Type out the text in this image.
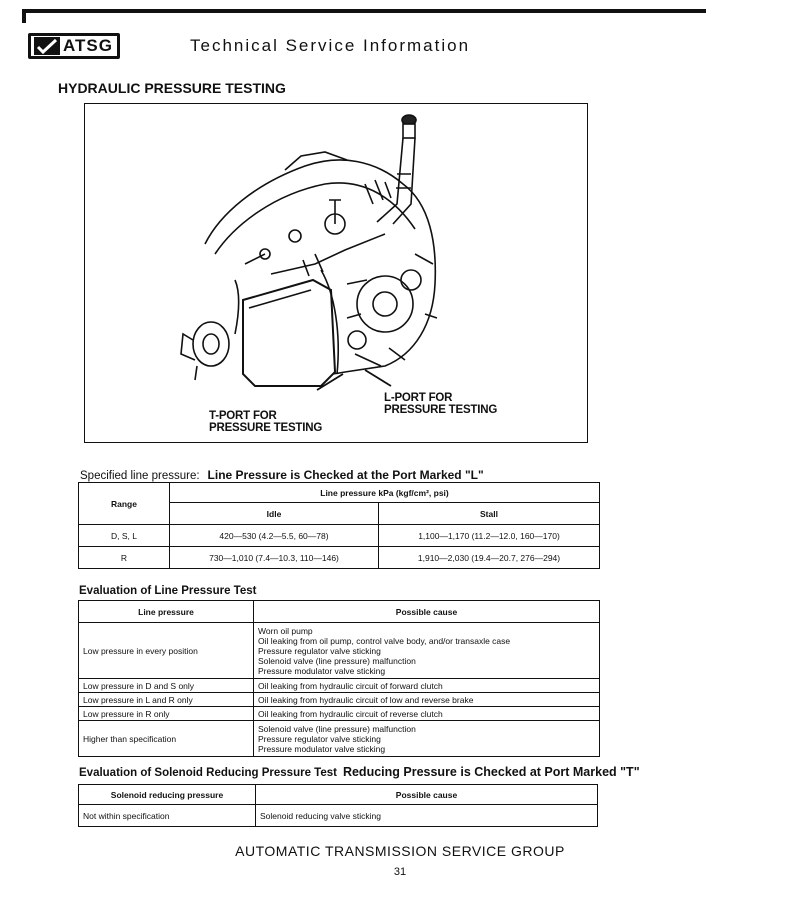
ATSG	Technical Service Information
HYDRAULIC PRESSURE TESTING
L-PORT FOR
PRESSURE TESTING
T-PORT FOR
PRESSURE TESTING
Specified line pressure: Line Pressure is Checked at the Port Marked "L"
Range	Line pressure kPa (kgf/cm², psi)	
	Idle	Stall
D, S, L	420—530 (4.2—5.5, 60—78)	1,100—1,170 (11.2—12.0, 160—170)
R	730—1,010 (7.4—10.3, 110—146)	1,910—2,030 (19.4—20.7, 276—294)
Evaluation of Line Pressure Test
Line pressure	Possible cause
Low pressure in every position	Worn oil pump
Oil leaking from oil pump, control valve body, and/or transaxle case
Pressure regulator valve sticking
Solenoid valve (line pressure) malfunction
Pressure modulator valve sticking

Low pressure in D and S only	Oil leaking from hydraulic circuit of forward clutch
Low pressure in L and R only	Oil leaking from hydraulic circuit of low and reverse brake
Low pressure in R only	Oil leaking from hydraulic circuit of reverse clutch
Higher than specification	Solenoid valve (line pressure) malfunction
Pressure regulator valve sticking
Pressure modulator valve sticking
Evaluation of Solenoid Reducing Pressure Test Reducing Pressure is Checked at Port Marked "T"
Solenoid reducing pressure	Possible cause
Not within specification	Solenoid reducing valve sticking
AUTOMATIC TRANSMISSION SERVICE GROUP
31
